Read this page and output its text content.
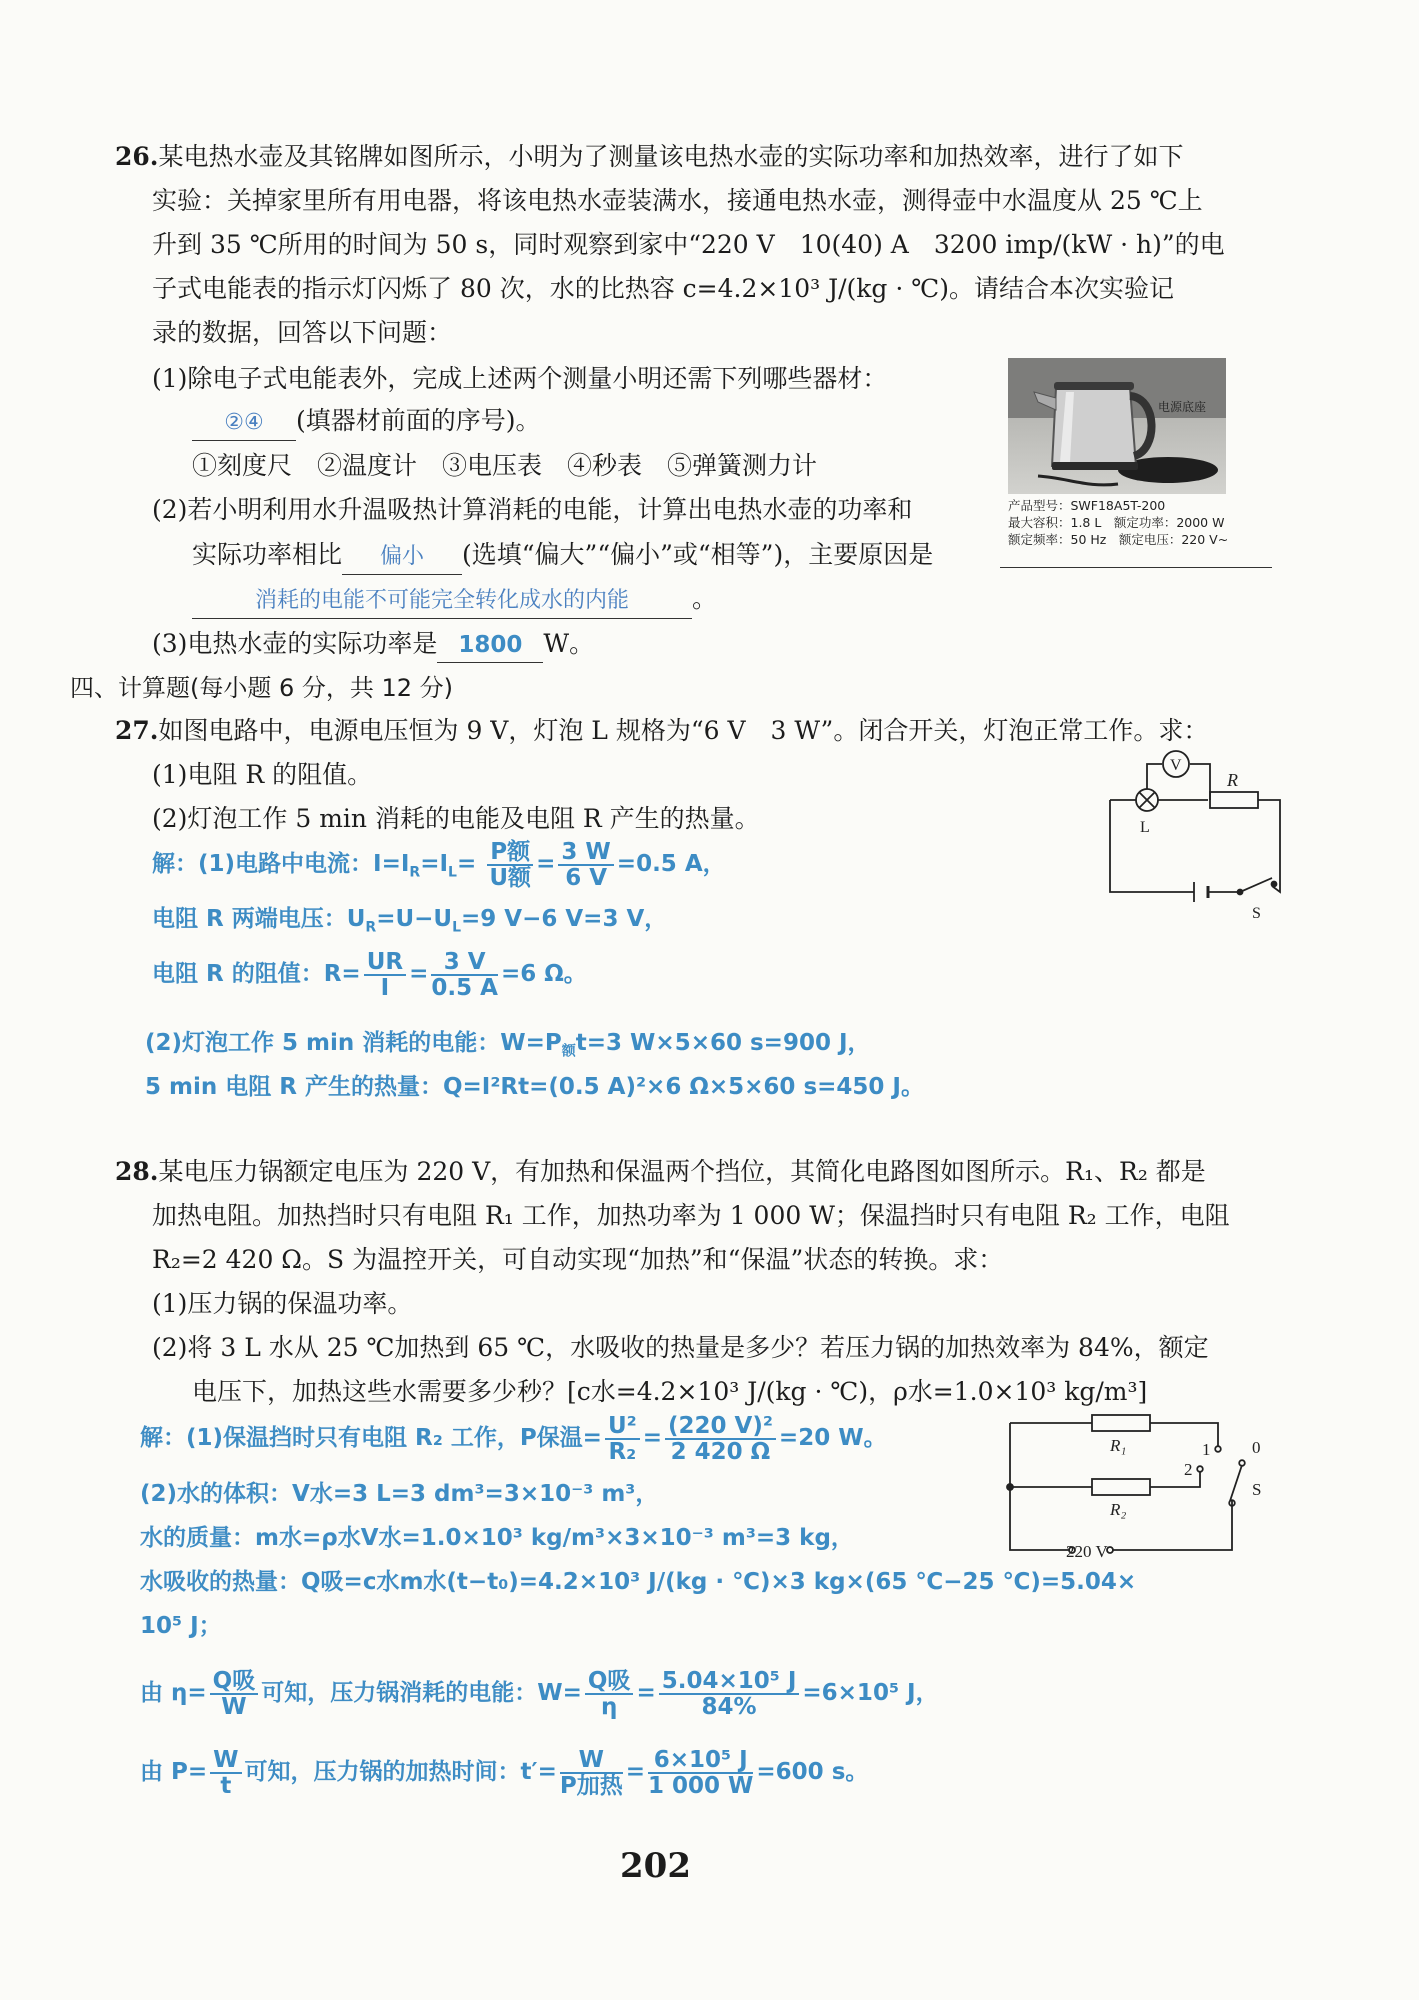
26.某电热水壶及其铭牌如图所示，小明为了测量该电热水壶的实际功率和加热效率，进行了如下
实验：关掉家里所有用电器，将该电热水壶装满水，接通电热水壶，测得壶中水温度从 25 ℃上
升到 35 ℃所用的时间为 50 s，同时观察到家中“220 V　10(40) A　3200 imp/(kW · h)”的电
子式电能表的指示灯闪烁了 80 次，水的比热容 c=4.2×10³ J/(kg · ℃)。请结合本次实验记
录的数据，回答以下问题：
(1)除电子式电能表外，完成上述两个测量小明还需下列哪些器材：
②④ (填器材前面的序号)。
①刻度尺　②温度计　③电压表　④秒表　⑤弹簧测力计
(2)若小明利用水升温吸热计算消耗的电能，计算出电热水壶的功率和
实际功率相比 偏小 (选填“偏大”“偏小”或“相等”)，主要原因是
消耗的电能不可能完全转化成水的内能	。
(3)电热水壶的实际功率是 1800 W。
电源底座
产品型号：SWF18A5T-200
最大容积：1.8 L　额定功率：2000 W
额定频率：50 Hz　额定电压：220 V~
四、计算题(每小题 6 分，共 12 分)
27.如图电路中，电源电压恒为 9 V，灯泡 L 规格为“6 V　3 W”。闭合开关，灯泡正常工作。求：
(1)电阻 R 的阻值。
(2)灯泡工作 5 min 消耗的电能及电阻 R 产生的热量。
V
R
L
S
解：(1)电路中电流：$I=I_R=I_L= \frac{\text{P额}}{\text{U额}} = \frac{3 W}{6 V} =0.5$ A，
电阻 R 两端电压：$U_R=U-U_L=9$ V−6 V=3 V，
电阻 R 的阻值：$R= \frac{UR}{I} = \frac{3 V}{0.5 A} =6$ Ω。
(2)灯泡工作 5 min 消耗的电能：$W=P_额t=3$ W×5×60 s=900 J，
5 min 电阻 R 产生的热量：Q=I²Rt=(0.5 A)²×6 Ω×5×60 s=450 J。
28.某电压力锅额定电压为 220 V，有加热和保温两个挡位，其简化电路图如图所示。R₁、R₂ 都是
加热电阻。加热挡时只有电阻 R₁ 工作，加热功率为 1 000 W；保温挡时只有电阻 R₂ 工作，电阻
R₂=2 420 Ω。S 为温控开关，可自动实现“加热”和“保温”状态的转换。求：
(1)压力锅的保温功率。
(2)将 3 L 水从 25 ℃加热到 65 ℃，水吸收的热量是多少？若压力锅的加热效率为 84%，额定
电压下，加热这些水需要多少秒？[c水=4.2×10³ J/(kg · ℃)，ρ水=1.0×10³ kg/m³]
R₁
R₂
1 0
2
S
220 V
解：(1)保温挡时只有电阻 R₂ 工作，P保温= $\frac{\text{U²}}{\text{R₂}} = \frac{\text{(220 V)²}}{2 420 \Omega} =20$ W。
(2)水的体积：V水=3 L=3 dm³=3×10⁻³ m³，
水的质量：m水=ρ水V水=1.0×10³ kg/m³×3×10⁻³ m³=3 kg，
水吸收的热量：Q吸=c水m水(t−t₀)=4.2×10³ J/(kg · ℃)×3 kg×(65 ℃−25 ℃)=5.04×
10⁵ J；
由 $\eta= \frac{\text{Q吸}}{W}$ 可知，压力锅消耗的电能：$W= \frac{\text{Q吸}}{\eta} = \frac{\text{5.04×10⁵ J}}{84\%} =6\times 10^5$ J，
由 $P= \frac{W}{t}$ 可知，压力锅的加热时间：$t'= \frac{W}{\text{P加热}} = \frac{\text{6×10⁵ J}}{1 000 W} =600$ s。
202
